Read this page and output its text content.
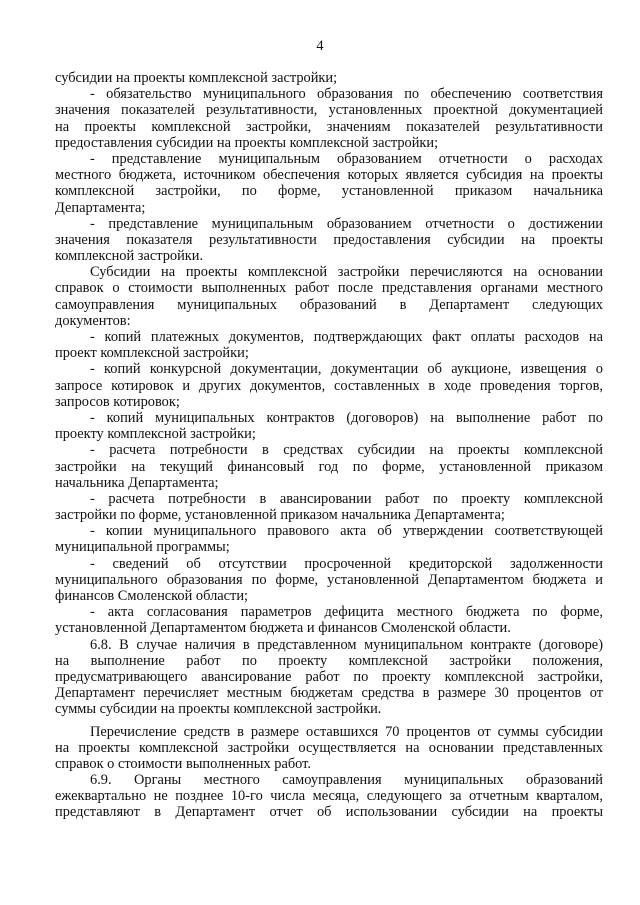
4
субсидии на проекты комплексной застройки;
- обязательство муниципального образования по обеспечению соответствия
значения показателей результативности, установленных проектной документацией
на проекты комплексной застройки, значениям показателей результативности
предоставления субсидии на проекты комплексной застройки;
- представление муниципальным образованием отчетности о расходах
местного бюджета, источником обеспечения которых является субсидия на проекты
комплексной застройки, по форме, установленной приказом начальника
Департамента;
- представление муниципальным образованием отчетности о достижении
значения показателя результативности предоставления субсидии на проекты
комплексной застройки.
Субсидии на проекты комплексной застройки перечисляются на основании
справок о стоимости выполненных работ после представления органами местного
самоуправления муниципальных образований в Департамент следующих
документов:
- копий платежных документов, подтверждающих факт оплаты расходов на
проект комплексной застройки;
- копий конкурсной документации, документации об аукционе, извещения о
запросе котировок и других документов, составленных в ходе проведения торгов,
запросов котировок;
- копий муниципальных контрактов (договоров) на выполнение работ по
проекту комплексной застройки;
- расчета потребности в средствах субсидии на проекты комплексной
застройки на текущий финансовый год по форме, установленной приказом
начальника Департамента;
- расчета потребности в авансировании работ по проекту комплексной
застройки по форме, установленной приказом начальника Департамента;
- копии муниципального правового акта об утверждении соответствующей
муниципальной программы;
- сведений об отсутствии просроченной кредиторской задолженности
муниципального образования по форме, установленной Департаментом бюджета и
финансов Смоленской области;
- акта согласования параметров дефицита местного бюджета по форме,
установленной Департаментом бюджета и финансов Смоленской области.
6.8. В случае наличия в представленном муниципальном контракте (договоре)
на выполнение работ по проекту комплексной застройки положения,
предусматривающего авансирование работ по проекту комплексной застройки,
Департамент перечисляет местным бюджетам средства в размере 30 процентов от
суммы субсидии на проекты комплексной застройки.
Перечисление средств в размере оставшихся 70 процентов от суммы субсидии
на проекты комплексной застройки осуществляется на основании представленных
справок о стоимости выполненных работ.
6.9. Органы местного самоуправления муниципальных образований
ежеквартально не позднее 10-го числа месяца, следующего за отчетным кварталом,
представляют в Департамент отчет об использовании субсидии на проекты
